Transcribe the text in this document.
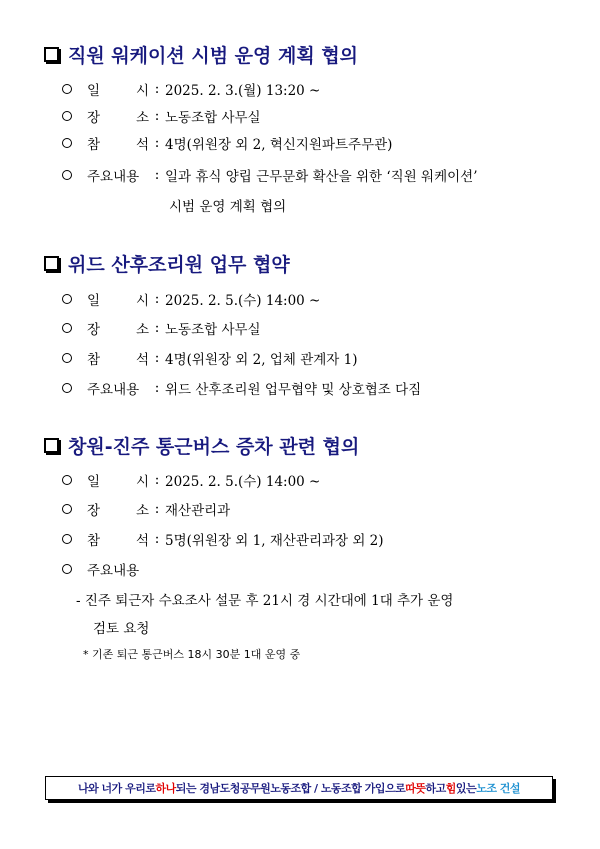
직원 워케이션 시범 운영 계획 협의
일	시 : 2025. 2. 3.(월) 13:20 ~
장	소 : 노동조합 사무실
참	석 : 4명(위원장 외 2, 혁신지원파트주무관)
주요내용	: 일과 휴식 양립 근무문화 확산을 위한 ‘직원 워케이션’
시범 운영 계획 협의
위드 산후조리원 업무 협약
일	시 : 2025. 2. 5.(수) 14:00 ~
장	소 : 노동조합 사무실
참	석 : 4명(위원장 외 2, 업체 관계자 1)
주요내용	: 위드 산후조리원 업무협약 및 상호협조 다짐
창원-진주 통근버스 증차 관련 협의
일	시 : 2025. 2. 5.(수) 14:00 ~
장	소 : 재산관리과
참	석 : 5명(위원장 외 1, 재산관리과장 외 2)
주요내용
- 진주 퇴근자 수요조사 설문 후 21시 경 시간대에 1대 추가 운영
검토 요청
* 기존 퇴근 통근버스 18시 30분 1대 운영 중
나와 너가 우리로 하나 되는 경남도청공무원노동조합 / 노동조합 가입으로 따뜻 하고 힘 있는 노조 건설
